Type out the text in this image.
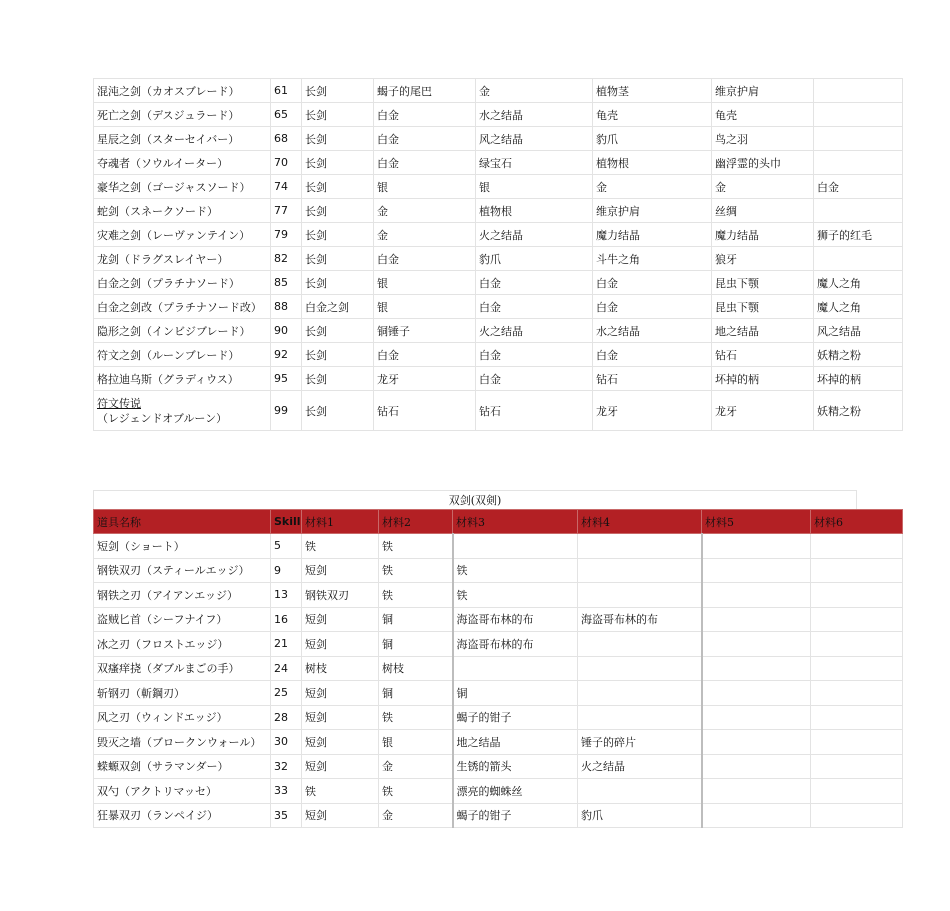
混沌之剑（カオスブレード）	61	长剑	蝎子的尾巴	金	植物茎	维京护肩	
死亡之剑（デスジュラード）	65	长剑	白金	水之结晶	龟壳	龟壳	
星辰之剑（スターセイバー）	68	长剑	白金	风之结晶	豹爪	鸟之羽	
夺魂者（ソウルイーター）	70	长剑	白金	绿宝石	植物根	幽浮霊的头巾	
豪华之剑（ゴージャスソード）	74	长剑	银	银	金	金	白金
蛇剑（スネークソード）	77	长剑	金	植物根	维京护肩	丝绸	
灾难之剑（レーヴァンテイン）	79	长剑	金	火之结晶	魔力结晶	魔力结晶	狮子的红毛
龙剑（ドラグスレイヤー）	82	长剑	白金	豹爪	斗牛之角	狼牙	
白金之剑（プラチナソード）	85	长剑	银	白金	白金	昆虫下颚	魔人之角
白金之剑改（プラチナソード改）	88	白金之剑	银	白金	白金	昆虫下颚	魔人之角
隐形之剑（インビジブレード）	90	长剑	铜锤子	火之结晶	水之结晶	地之结晶	风之结晶
符文之剑（ルーンブレード）	92	长剑	白金	白金	白金	钻石	妖精之粉
格拉迪乌斯（グラディウス）	95	长剑	龙牙	白金	钻石	坏掉的柄	坏掉的柄
符文传说（レジェンドオブルーン）	99	长剑	钻石	钻石	龙牙	龙牙	妖精之粉
双剑(双剣)
道具名称	Skill	材料1	材料2	材料3	材料4	材料5	材料6
短剑（ショート）	5	铁	铁				
钢铁双刃（スティールエッジ）	9	短剑	铁	铁			
钢铁之刃（アイアンエッジ）	13	钢铁双刃	铁	铁			
盗贼匕首（シーフナイフ）	16	短剑	铜	海盗哥布林的布	海盗哥布林的布		
冰之刃（フロストエッジ）	21	短剑	铜	海盗哥布林的布			
双瘙痒挠（ダブルまごの手）	24	树枝	树枝				
斩钢刃（斬鋼刃）	25	短剑	铜	铜			
风之刃（ウィンドエッジ）	28	短剑	铁	蝎子的钳子			
毁灭之墙（ブロークンウォール）	30	短剑	银	地之结晶	锤子的碎片		
蝾螈双剑（サラマンダー）	32	短剑	金	生锈的箭头	火之结晶		
双勺（アクトリマッセ）	33	铁	铁	漂亮的蜘蛛丝			
狂暴双刃（ランペイジ）	35	短剑	金	蝎子的钳子	豹爪		
